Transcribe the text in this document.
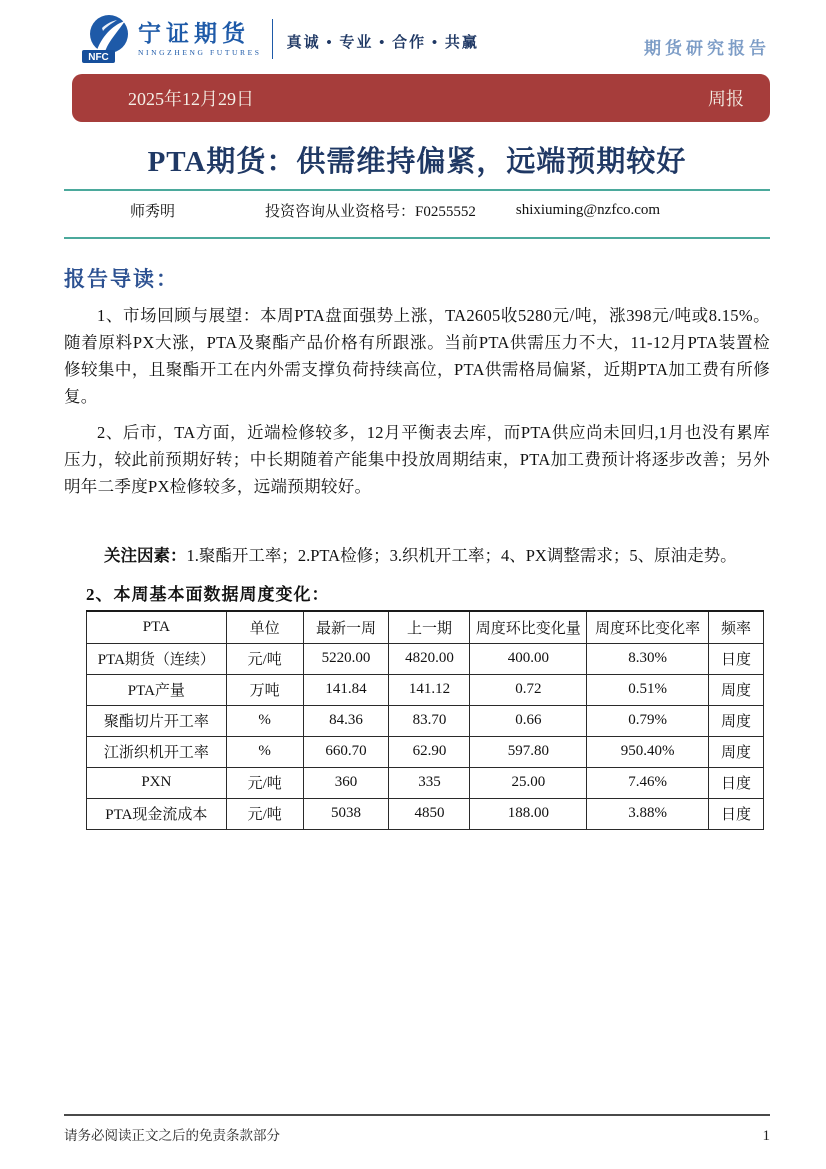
NFC
宁证期货
NINGZHENG FUTURES
真诚 • 专业 • 合作 • 共赢	期货研究报告
2025年12月29日	周报
PTA期货：供需维持偏紧，远端预期较好
师秀明	投资咨询从业资格号：F0255552	shixiuming@nzfco.com
报告导读：

1、市场回顾与展望：本周PTA盘面强势上涨，TA2605收5280元/吨，涨398元/吨或8.15%。随着原料PX大涨，PTA及聚酯产品价格有所跟涨。当前PTA供需压力不大，11-12月PTA装置检修较集中，且聚酯开工在内外需支撑负荷持续高位，PTA供需格局偏紧，近期PTA加工费有所修复。

2、后市，TA方面，近端检修较多，12月平衡表去库，而PTA供应尚未回归,1月也没有累库压力，较此前预期好转；中长期随着产能集中投放周期结束，PTA加工费预计将逐步改善；另外明年二季度PX检修较多，远端预期较好。

关注因素：1.聚酯开工率；2.PTA检修；3.织机开工率；4、PX调整需求；5、原油走势。

2、本周基本面数据周度变化：
PTA	单位	最新一周	上一期	周度环比变化量	周度环比变化率	频率
PTA期货（连续）	元/吨	5220.00	4820.00	400.00	8.30%	日度
PTA产量	万吨	141.84	141.12	0.72	0.51%	周度
聚酯切片开工率	%	84.36	83.70	0.66	0.79%	周度
江浙织机开工率	%	660.70	62.90	597.80	950.40%	周度
PXN	元/吨	360	335	25.00	7.46%	日度
PTA现金流成本	元/吨	5038	4850	188.00	3.88%	日度
请务必阅读正文之后的免责条款部分	1
